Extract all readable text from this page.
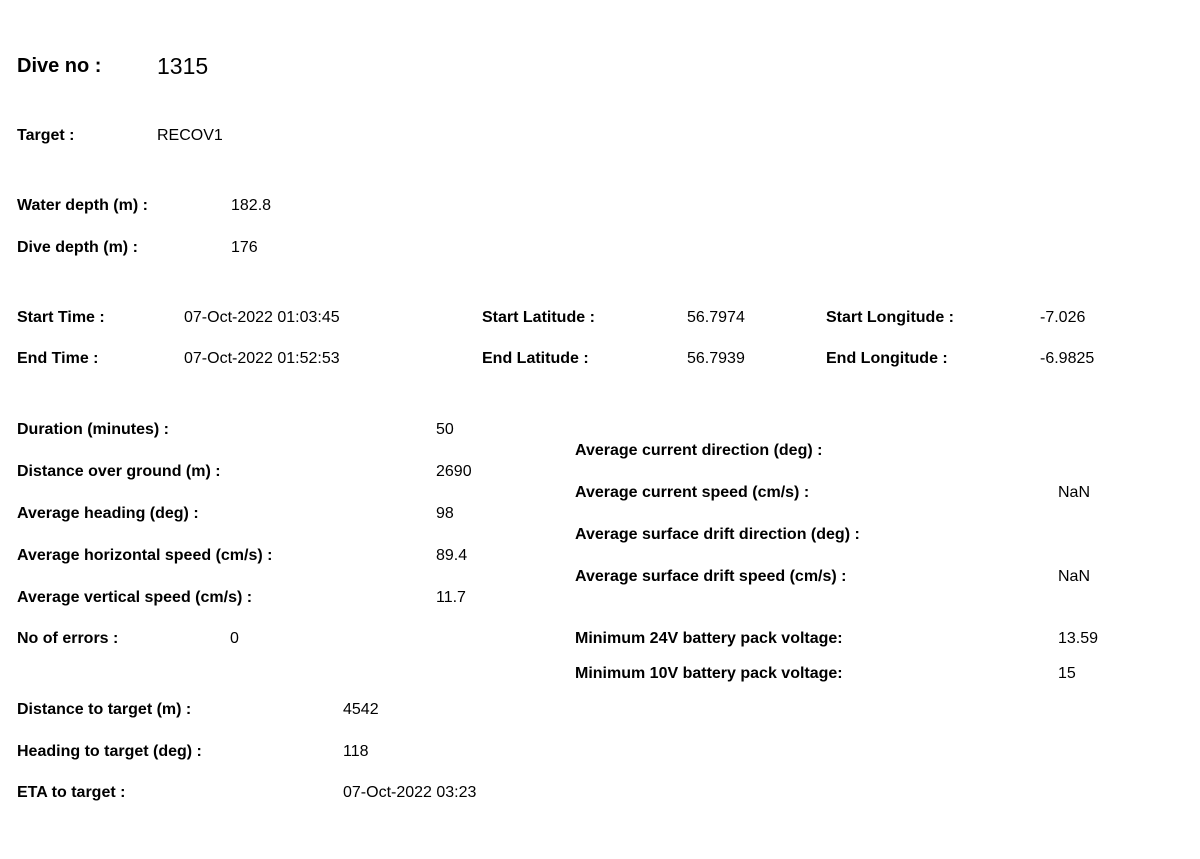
Dive no : 1315
Target :	RECOV1
Water depth (m) :	182.8
Dive depth (m) :	176
Start Time :	07-Oct-2022 01:03:45	Start Latitude :	56.7974	Start Longitude :	-7.026
End Time :	07-Oct-2022 01:52:53	End Latitude :	56.7939	End Longitude :	-6.9825
Duration (minutes) :	50
Distance over ground (m) :	2690
Average heading (deg) :	98
Average horizontal speed (cm/s) :	89.4
Average vertical speed (cm/s) :	11.7
No of errors :	0
Average current direction (deg) :
Average current speed (cm/s) :	NaN
Average surface drift direction (deg) :
Average surface drift speed (cm/s) :	NaN
Minimum 24V battery pack voltage:	13.59
Minimum 10V battery pack voltage:	15
Distance to target (m) :	4542
Heading to target (deg) :	118
ETA to target :	07-Oct-2022 03:23
